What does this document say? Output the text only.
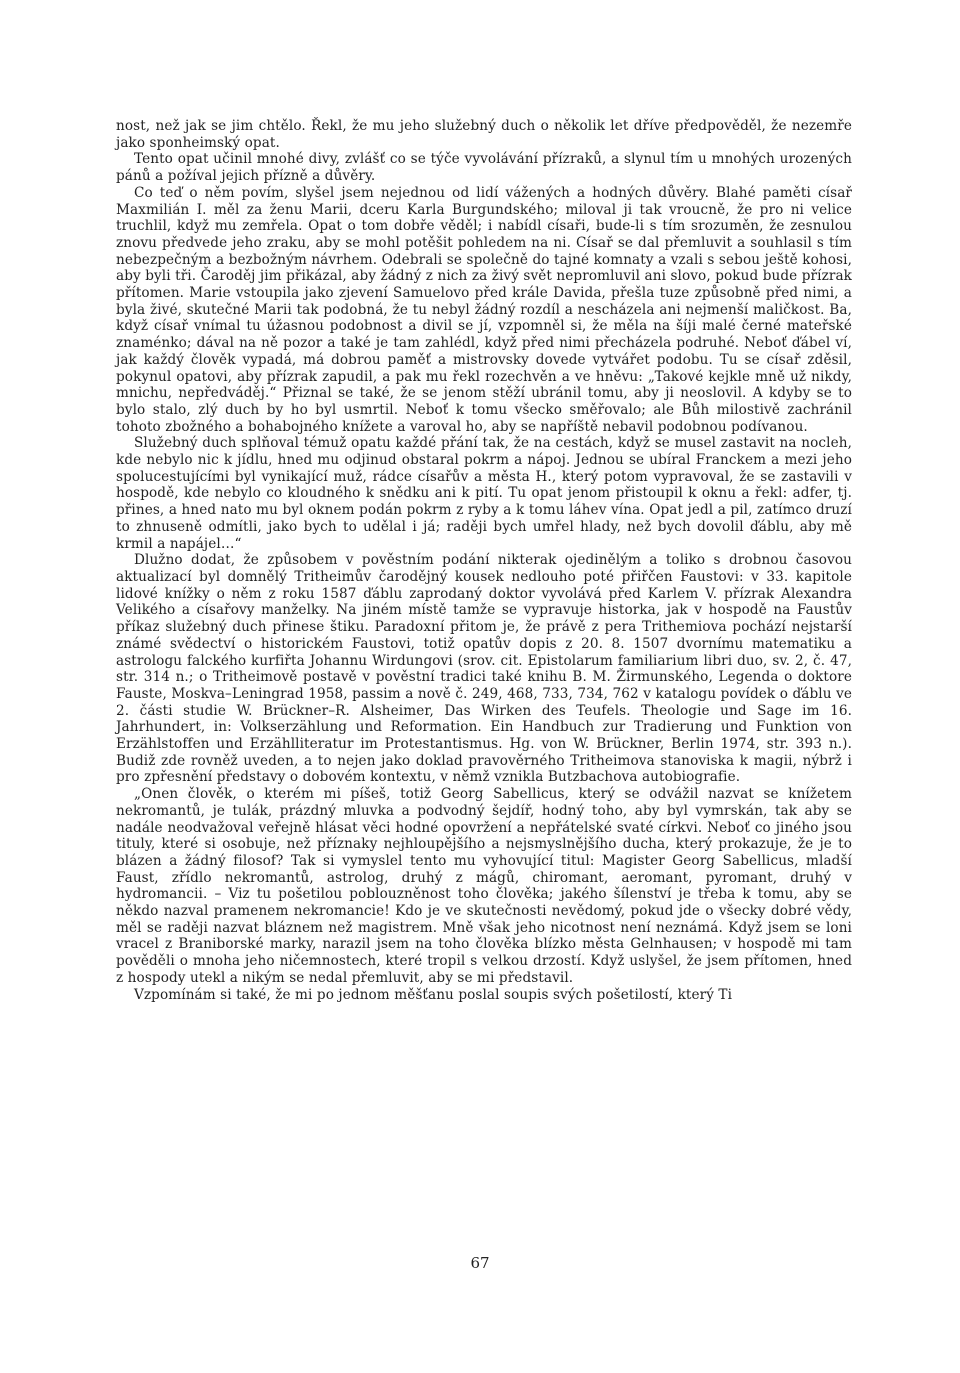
nost, než jak se jim chtělo. Řekl, že mu jeho služebný duch o několik let dříve předpověděl, že nezemře jako sponheimský opat.

Tento opat učinil mnohé divy, zvlášť co se týče vyvolávání přízraků, a slynul tím u mnohých urozených pánů a požíval jejich přízně a důvěry.

Co teď o něm povím, slyšel jsem nejednou od lidí vážených a hodných důvěry. Blahé paměti císař Maxmilián I. měl za ženu Marii, dceru Karla Burgundského; miloval ji tak vroucně, že pro ni velice truchlil, když mu zemřela. Opat o tom dobře věděl; i nabídl císaři, bude-li s tím srozuměn, že zesnulou znovu předvede jeho zraku, aby se mohl potěšit pohledem na ni. Císař se dal přemluvit a souhlasil s tím nebezpečným a bezbožným návrhem. Odebrali se společně do tajné komnaty a vzali s sebou ještě kohosi, aby byli tři. Čaroděj jim přikázal, aby žádný z nich za živý svět nepromluvil ani slovo, pokud bude přízrak přítomen. Marie vstoupila jako zjevení Samuelovo před krále Davida, přešla tuze způsobně před nimi, a byla živé, skutečné Marii tak podobná, že tu nebyl žádný rozdíl a nescházela ani nejmenší maličkost. Ba, když císař vnímal tu úžasnou podobnost a divil se jí, vzpomněl si, že měla na šíji malé černé mateřské znaménko; dával na ně pozor a také je tam zahlédl, když před nimi přecházela podruhé. Neboť ďábel ví, jak každý člověk vypadá, má dobrou paměť a mistrovsky dovede vytvářet podobu. Tu se císař zděsil, pokynul opatovi, aby přízrak zapudil, a pak mu řekl rozechvěn a ve hněvu: „Takové kejkle mně už nikdy, mnichu, nepředváděj.“ Přiznal se také, že se jenom stěží ubránil tomu, aby ji neoslovil. A kdyby se to bylo stalo, zlý duch by ho byl usmrtil. Neboť k tomu všecko směřovalo; ale Bůh milostivě zachránil tohoto zbožného a bohabojného knížete a varoval ho, aby se napříště nebavil podobnou podívanou.

Služebný duch splňoval témuž opatu každé přání tak, že na cestách, když se musel zastavit na nocleh, kde nebylo nic k jídlu, hned mu odjinud obstaral pokrm a nápoj. Jednou se ubíral Franckem a mezi jeho spolucestujícími byl vynikající muž, rádce císařův a města H., který potom vypravoval, že se zastavili v hospodě, kde nebylo co kloudného k snědku ani k pití. Tu opat jenom přistoupil k oknu a řekl: adfer, tj. přines, a hned nato mu byl oknem podán pokrm z ryby a k tomu láhev vína. Opat jedl a pil, zatímco druzí to zhnuseně odmítli, jako bych to udělal i já; raději bych umřel hlady, než bych dovolil ďáblu, aby mě krmil a napájel…“

Dlužno dodat, že způsobem v pověstním podání nikterak ojedinělým a toliko s drobnou časovou aktualizací byl domnělý Tritheimův čarodějný kousek nedlouho poté přiřčen Faustovi: v 33. kapitole lidové knížky o něm z roku 1587 ďáblu zaprodaný doktor vyvolává před Karlem V. přízrak Alexandra Velikého a císařovy manželky. Na jiném místě tamže se vypravuje historka, jak v hospodě na Faustův příkaz služebný duch přinese štiku. Paradoxní přitom je, že právě z pera Trithemiova pochází nejstarší známé svědectví o historickém Faustovi, totiž opatův dopis z 20. 8. 1507 dvornímu matematiku a astrologu falckého kurfiřta Johannu Wirdungovi (srov. cit. Epistolarum familiarium libri duo, sv. 2, č. 47, str. 314 n.; o Tritheimově postavě v pověstní tradici také knihu B. M. Žirmunského, Legenda o doktore Fauste, Moskva–Leningrad 1958, passim a nově č. 249, 468, 733, 734, 762 v katalogu povídek o ďáblu ve 2. části studie W. Brückner–R. Alsheimer, Das Wirken des Teufels. Theologie und Sage im 16. Jahrhundert, in: Volkserzählung und Reformation. Ein Handbuch zur Tradierung und Funktion von Erzählstoffen und Erzählliteratur im Protestantismus. Hg. von W. Brückner, Berlin 1974, str. 393 n.). Budiž zde rovněž uveden, a to nejen jako doklad pravověrného Tritheimova stanoviska k magii, nýbrž i pro zpřesnění představy o dobovém kontextu, v němž vznikla Butzbachova autobiografie.

„Onen člověk, o kterém mi píšeš, totiž Georg Sabellicus, který se odvážil nazvat se knížetem nekromantů, je tulák, prázdný mluvka a podvodný šejdíř, hodný toho, aby byl vymrskán, tak aby se nadále neodvažoval veřejně hlásat věci hodné opovržení a nepřátelské svaté církvi. Neboť co jiného jsou tituly, které si osobuje, než příznaky nejhloupějšího a nejsmyslnějšího ducha, který prokazuje, že je to blázen a žádný filosof? Tak si vymyslel tento mu vyhovující titul: Magister Georg Sabellicus, mladší Faust, zřídlo nekromantů, astrolog, druhý z mágů, chiromant, aeromant, pyromant, druhý v hydromancii. – Viz tu pošetilou poblouzněnost toho člověka; jakého šílenství je třeba k tomu, aby se někdo nazval pramenem nekromancie! Kdo je ve skutečnosti nevědomý, pokud jde o všecky dobré vědy, měl se raději nazvat bláznem než magistrem. Mně však jeho nicotnost není neznámá. Když jsem se loni vracel z Braniborské marky, narazil jsem na toho člověka blízko města Gelnhausen; v hospodě mi tam pověděli o mnoha jeho ničemnostech, které tropil s velkou drzostí. Když uslyšel, že jsem přítomen, hned z hospody utekl a nikým se nedal přemluvit, aby se mi představil.

Vzpomínám si také, že mi po jednom měšťanu poslal soupis svých pošetilostí, který Ti

67
